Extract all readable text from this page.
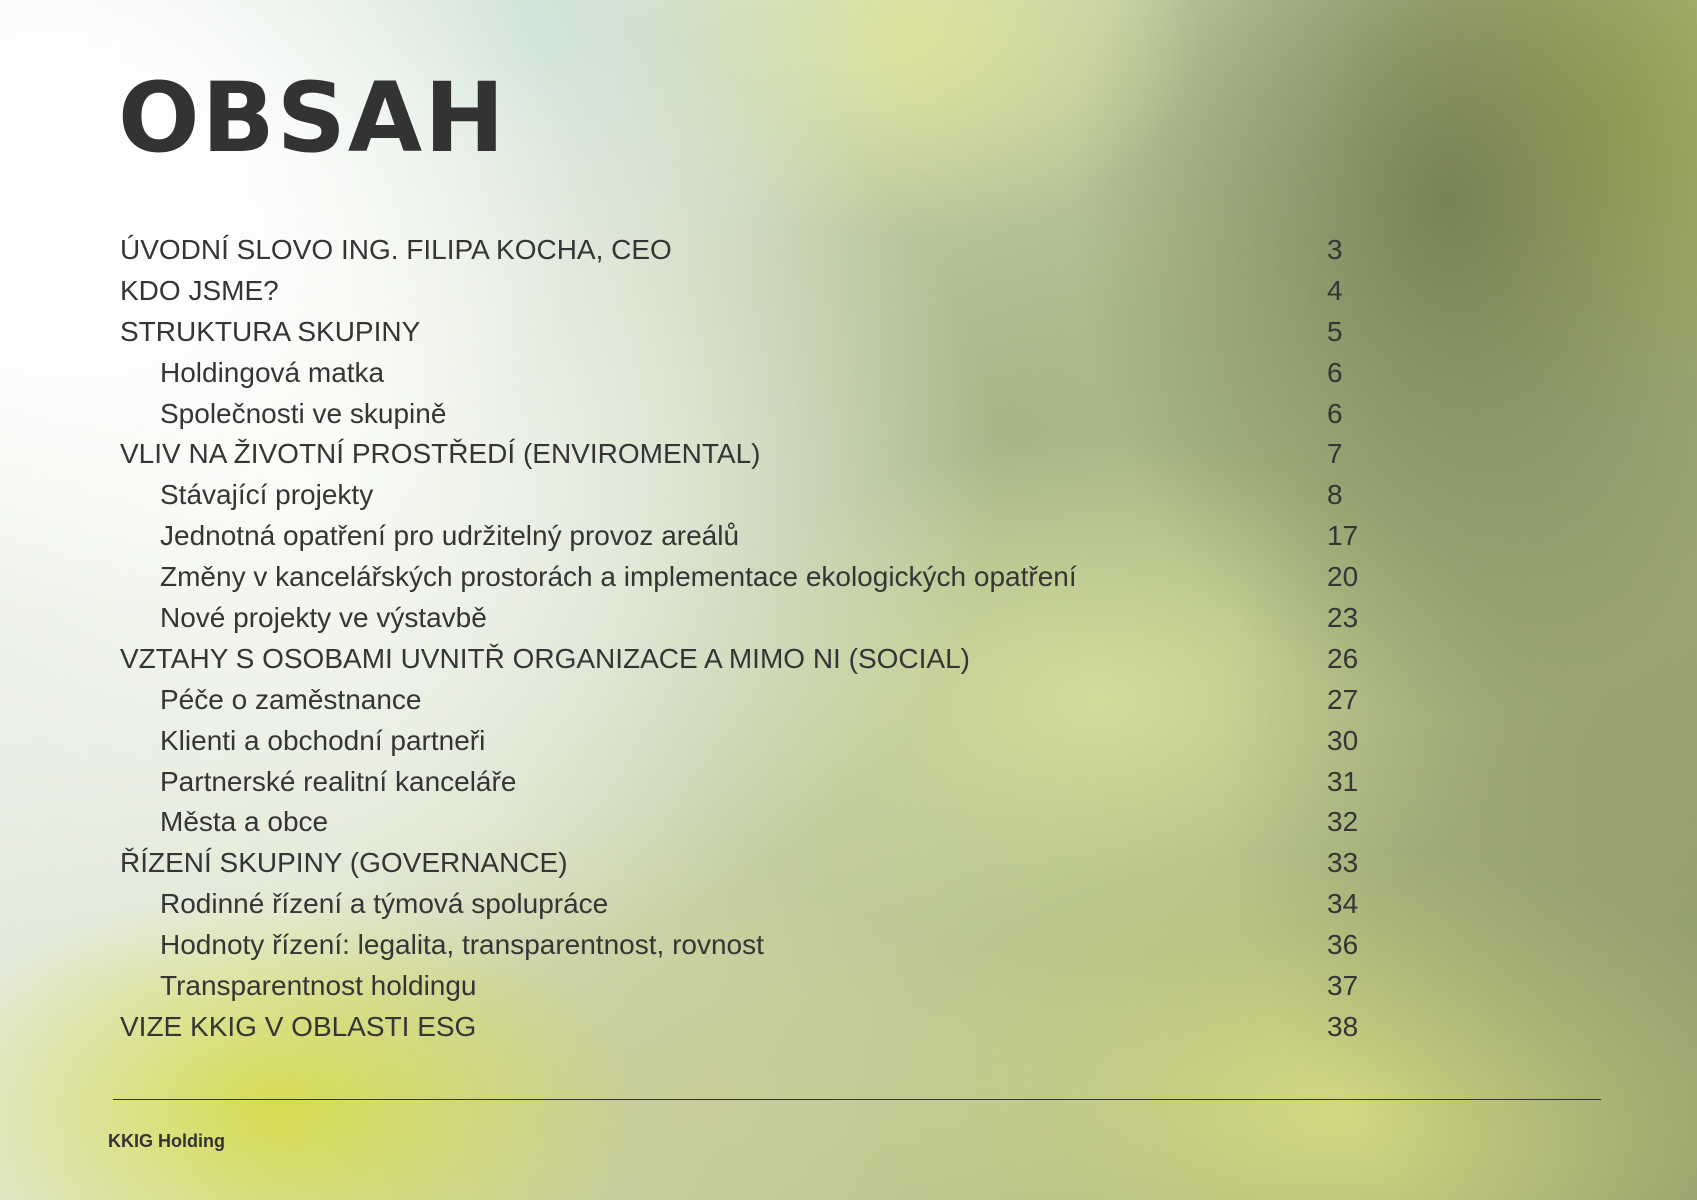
OBSAH
ÚVODNÍ SLOVO ING. FILIPA KOCHA, CEO	3
KDO JSME?	4
STRUKTURA SKUPINY	5
Holdingová matka	6
Společnosti ve skupině	6
VLIV NA ŽIVOTNÍ PROSTŘEDÍ (ENVIROMENTAL)	7
Stávající projekty	8
Jednotná opatření pro udržitelný provoz areálů	17
Změny v kancelářských prostorách a implementace ekologických opatření	20
Nové projekty ve výstavbě	23
VZTAHY S OSOBAMI UVNITŘ ORGANIZACE A MIMO NI (SOCIAL)	26
Péče o zaměstnance	27
Klienti a obchodní partneři	30
Partnerské realitní kanceláře	31
Města a obce	32
ŘÍZENÍ SKUPINY (GOVERNANCE)	33
Rodinné řízení a týmová spolupráce	34
Hodnoty řízení: legalita, transparentnost, rovnost	36
Transparentnost holdingu	37
VIZE KKIG V OBLASTI ESG	38
KKIG Holding
